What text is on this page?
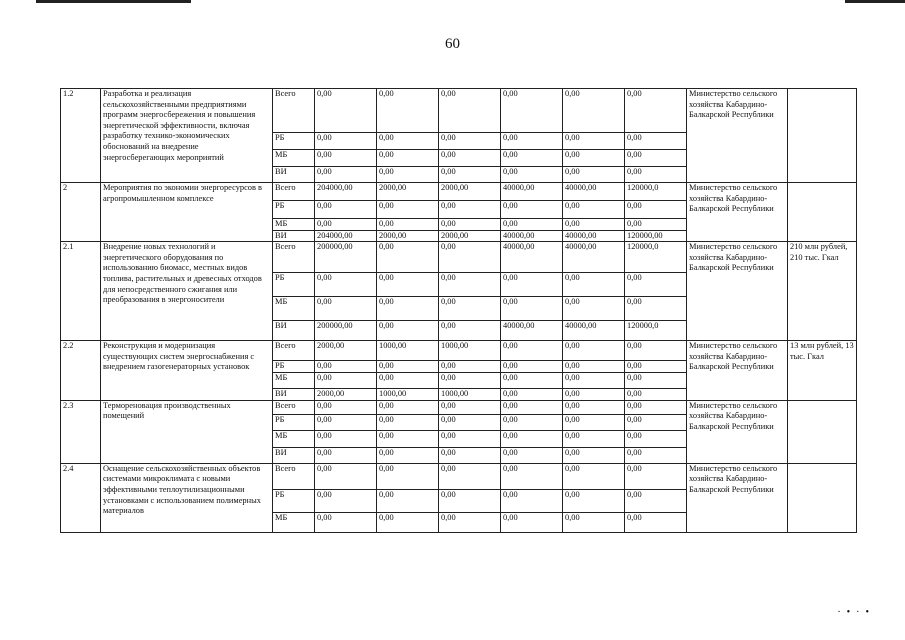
60
1.2	Разработка и реализация сельскохозяйственными предприятиями программ энергосбережения и повышения энергетической эффективности, включая разработку технико-экономических обоснований на внедрение энергосберегающих мероприятий	Всего	0,00	0,00	0,00	0,00	0,00	0,00	Министерство сельского хозяйства Кабардино-Балкарской Республики	
		РБ	0,00	0,00	0,00	0,00	0,00	0,00		
		МБ	0,00	0,00	0,00	0,00	0,00	0,00		
		ВИ	0,00	0,00	0,00	0,00	0,00	0,00		
2	Мероприятия по экономии энергоресурсов в агропромышленном комплексе	Всего	204000,00	2000,00	2000,00	40000,00	40000,00	120000,0	Министерство сельского хозяйства Кабардино-Балкарской Республики	
		РБ	0,00	0,00	0,00	0,00	0,00	0,00		
		МБ	0,00	0,00	0,00	0,00	0,00	0,00		
		ВИ	204000,00	2000,00	2000,00	40000,00	40000,00	120000,00		
2.1	Внедрение новых технологий и энергетического оборудования по использованию биомасс, местных видов топлива, растительных и древесных отходов для непосредственного сжигания или преобразования в энергоносители	Всего	200000,00	0,00	0,00	40000,00	40000,00	120000,0	Министерство сельского хозяйства Кабардино-Балкарской Республики	210 млн рублей, 210 тыс. Гкал
		РБ	0,00	0,00	0,00	0,00	0,00	0,00		
		МБ	0,00	0,00	0,00	0,00	0,00	0,00		
		ВИ	200000,00	0,00	0,00	40000,00	40000,00	120000,0		
2.2	Реконструкция и модернизация существующих систем энергоснабжения с внедрением газогенераторных установок	Всего	2000,00	1000,00	1000,00	0,00	0,00	0,00	Министерство сельского хозяйства Кабардино-Балкарской Республики	13 млн рублей, 13 тыс. Гкал
		РБ	0,00	0,00	0,00	0,00	0,00	0,00		
		МБ	0,00	0,00	0,00	0,00	0,00	0,00		
		ВИ	2000,00	1000,00	1000,00	0,00	0,00	0,00		
2.3	Термореновация производственных помещений	Всего	0,00	0,00	0,00	0,00	0,00	0,00	Министерство сельского хозяйства Кабардино-Балкарской Республики	
		РБ	0,00	0,00	0,00	0,00	0,00	0,00		
		МБ	0,00	0,00	0,00	0,00	0,00	0,00		
		ВИ	0,00	0,00	0,00	0,00	0,00	0,00		
2.4	Оснащение сельскохозяйственных объектов системами микроклимата с новыми эффективными теплоутилизационными установками с использованием полимерных материалов	Всего	0,00	0,00	0,00	0,00	0,00	0,00	Министерство сельского хозяйства Кабардино-Балкарской Республики	
		РБ	0,00	0,00	0,00	0,00	0,00	0,00		
		МБ	0,00	0,00	0,00	0,00	0,00	0,00		
·•·•
